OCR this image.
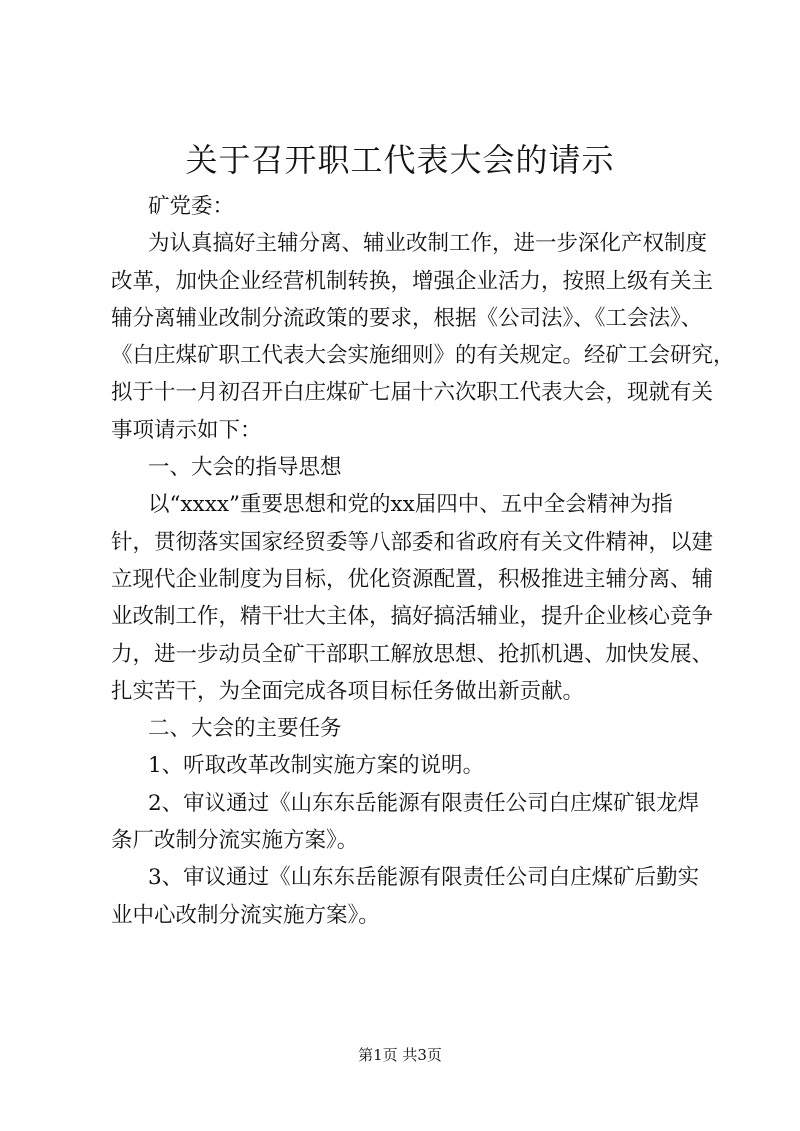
关于召开职工代表大会的请示

矿党委：

为认真搞好主辅分离、辅业改制工作，进一步深化产权制度

改革，加快企业经营机制转换，增强企业活力，按照上级有关主

辅分离辅业改制分流政策的要求，根据《公司法》、《工会法》、

《白庄煤矿职工代表大会实施细则》的有关规定。经矿工会研究，

拟于十一月初召开白庄煤矿七届十六次职工代表大会，现就有关

事项请示如下：

一、大会的指导思想

以“xxxx”重要思想和党的xx届四中、五中全会精神为指

针，贯彻落实国家经贸委等八部委和省政府有关文件精神，以建

立现代企业制度为目标，优化资源配置，积极推进主辅分离、辅

业改制工作，精干壮大主体，搞好搞活辅业，提升企业核心竞争

力，进一步动员全矿干部职工解放思想、抢抓机遇、加快发展、

扎实苦干，为全面完成各项目标任务做出新贡献。

二、大会的主要任务

1、听取改革改制实施方案的说明。

2、审议通过《山东东岳能源有限责任公司白庄煤矿银龙焊

条厂改制分流实施方案》。

3、审议通过《山东东岳能源有限责任公司白庄煤矿后勤实

业中心改制分流实施方案》。

第1页 共3页
